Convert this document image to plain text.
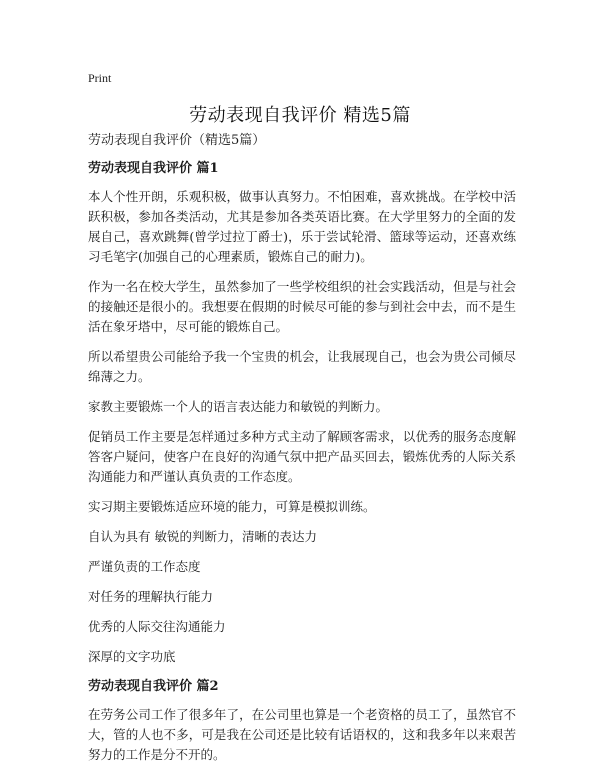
Print
劳动表现自我评价 精选5篇

劳动表现自我评价（精选5篇）

劳动表现自我评价 篇1

本人个性开朗，乐观积极，做事认真努力。不怕困难，喜欢挑战。在学校中活跃积极，参加各类活动，尤其是参加各类英语比赛。在大学里努力的全面的发展自己，喜欢跳舞(曾学过拉丁爵士)，乐于尝试轮滑、篮球等运动，还喜欢练习毛笔字(加强自己的心理素质，锻炼自己的耐力)。

作为一名在校大学生，虽然参加了一些学校组织的社会实践活动，但是与社会的接触还是很小的。我想要在假期的时候尽可能的参与到社会中去，而不是生活在象牙塔中，尽可能的锻炼自己。

所以希望贵公司能给予我一个宝贵的机会，让我展现自己，也会为贵公司倾尽绵薄之力。

家教主要锻炼一个人的语言表达能力和敏锐的判断力。

促销员工作主要是怎样通过多种方式主动了解顾客需求，以优秀的服务态度解答客户疑问，使客户在良好的沟通气氛中把产品买回去，锻炼优秀的人际关系沟通能力和严谨认真负责的工作态度。

实习期主要锻炼适应环境的能力，可算是模拟训练。

自认为具有 敏锐的判断力，清晰的表达力

严谨负责的工作态度

对任务的理解执行能力

优秀的人际交往沟通能力

深厚的文字功底

劳动表现自我评价 篇2

在劳务公司工作了很多年了，在公司里也算是一个老资格的员工了，虽然官不大，管的人也不多，可是我在公司还是比较有话语权的，这和我多年以来艰苦努力的工作是分不开的。
